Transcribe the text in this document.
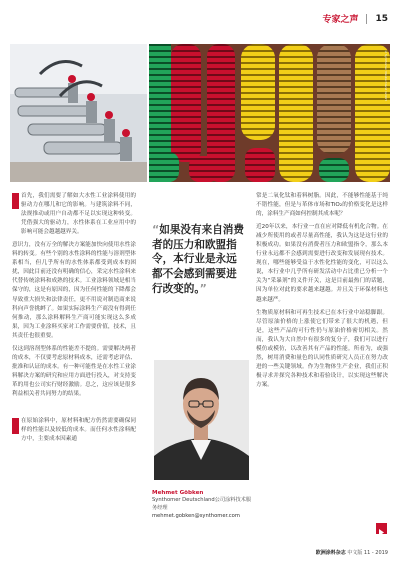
专家之声 15
©Synthomer Deutschland GmbH

首先，我们需要了解如大水性工业涂料使用的驱动力在哪儿和它的影响。与建筑涂料不同，法规推动或用户自动都不足以实现这种转变。凭借强大的驱动力，水性体系在工业应用中的影响可能会越越越界关。

意识力，没有万全的解决方案能加快向使用水性涂料的转变。有些个别的水性涂料的性能与溶剂型体系相当，但几乎所有的水性体系都受到成本的困扰，因此目前还没有明确的信心，采完水性涂料来代替传统涂料和成熟的技术。工业涂料领域是相当保守的，这是有原因的，因为任何性能的下降都会导致重大损失和法律责任，更不用说对制造商来说科向声誉挑衅了。如果实际涂料生产商没有得到任何推动，那么涂料解料生产商可能实现这么多成果，因为工业涂料买家对工作需要价值，技术，且其责任也很重要。

仅这到溶剂型体系的性能差不提的。需要解决两者的成本，不仅要考虑原材料成本，还需考虑评估、批准和认证的成本。有一种可能性是在水性工业涂料解决方案的研究和应用方面进行投入，对支持变革的用也公司实行财经激励。总之，这应该是很多利益相关者共同努力的结果。

在原始涂料中，原材料和配方仍然需要确保同样的性能以及较低的成本。而任何水性涂料配方中，主要成本因素通

“如果没有来自消费者的压力和欧盟指令，本行业是永远都不会感到需要进行改变的。”
Mehmet Göbken
Synthomer Deutschland公司涂料技术服务经理
mehmet.gobken@synthomer.com

常是二氧化钛和着料树脂。因此，不能够性能基于纯不错性能，但是与革体市场和TiO₂的价格变化是这样的，涂料生产商如何控制其成本呢？

近20年以来，本行业一直在应对降低有机化合物。在减少所使用的或者尽量高性能，我认为这是这行业的积极成功。如果没有消费者压力和欧盟指令，那么本行业永远都不会感到需要进行改变和发展现有技术。现在，哪些能够受益于水性化性能的变化，可以这么说，本行业中几乎所有研发活动中占比重已分析一个关为“采暴剂”的义件开关，这是目前最热门的话题，因为单位对此的要求越来越越。并且关于环保材料也越来越严。

生物质原材料和可再生技术已在本行业中站稳脚跟。尽管原油价格的上涨使它们带来了很大的机遇，但是，这些产品的可行性仍与原油价格密切相关。然而，我认为大自然中有很多的复分子，我们可以进行模仿或模仿，以改善其有产品的性能。所看为，或强然，树用消费和量色的认同性质研究人员正在努力改进的一些关键领域。作为生物体生产企业，我们正积极寻求并探究各种技术和着验设计，以实现这些解决方案。

欧洲涂料杂志 中文版 11 - 2019
